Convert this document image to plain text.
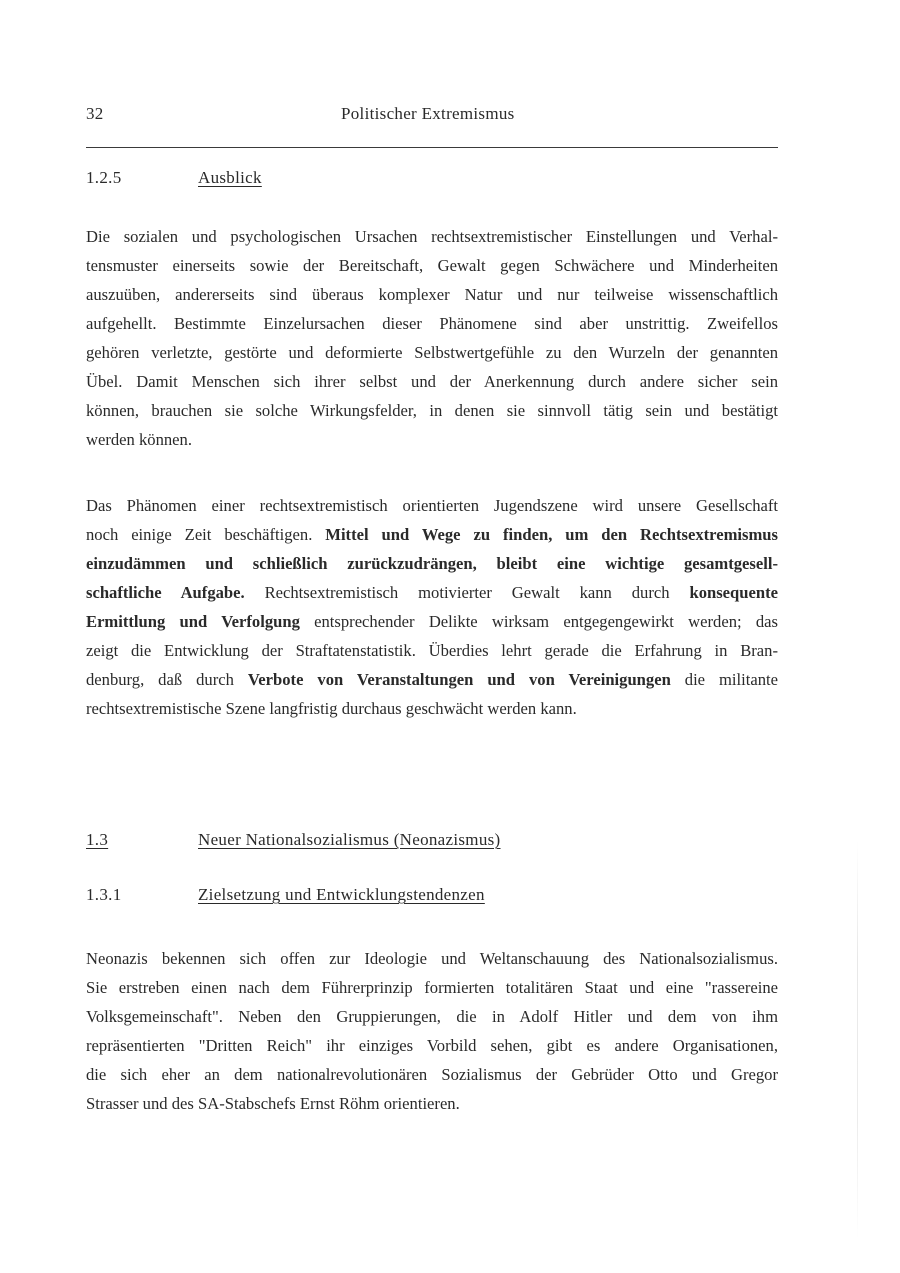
32	Politischer Extremismus
1.2.5	Ausblick
Die sozialen und psychologischen Ursachen rechtsextremistischer Einstellungen und Verhal-
tensmuster einerseits sowie der Bereitschaft, Gewalt gegen Schwächere und Minderheiten
auszuüben, andererseits sind überaus komplexer Natur und nur teilweise wissenschaftlich
aufgehellt. Bestimmte Einzelursachen dieser Phänomene sind aber unstrittig. Zweifellos
gehören verletzte, gestörte und deformierte Selbstwertgefühle zu den Wurzeln der genannten
Übel. Damit Menschen sich ihrer selbst und der Anerkennung durch andere sicher sein
können, brauchen sie solche Wirkungsfelder, in denen sie sinnvoll tätig sein und bestätigt
werden können.
Das Phänomen einer rechtsextremistisch orientierten Jugendszene wird unsere Gesellschaft
noch einige Zeit beschäftigen. Mittel und Wege zu finden, um den Rechtsextremismus
einzudämmen und schließlich zurückzudrängen, bleibt eine wichtige gesamtgesell-
schaftliche Aufgabe. Rechtsextremistisch motivierter Gewalt kann durch konsequente
Ermittlung und Verfolgung entsprechender Delikte wirksam entgegengewirkt werden; das
zeigt die Entwicklung der Straftatenstatistik. Überdies lehrt gerade die Erfahrung in Bran-
denburg, daß durch Verbote von Veranstaltungen und von Vereinigungen die militante
rechtsextremistische Szene langfristig durchaus geschwächt werden kann.
1.3	Neuer Nationalsozialismus (Neonazismus)
1.3.1	Zielsetzung und Entwicklungstendenzen
Neonazis bekennen sich offen zur Ideologie und Weltanschauung des Nationalsozialismus.
Sie erstreben einen nach dem Führerprinzip formierten totalitären Staat und eine "rassereine
Volksgemeinschaft". Neben den Gruppierungen, die in Adolf Hitler und dem von ihm
repräsentierten "Dritten Reich" ihr einziges Vorbild sehen, gibt es andere Organisationen,
die sich eher an dem nationalrevolutionären Sozialismus der Gebrüder Otto und Gregor
Strasser und des SA-Stabschefs Ernst Röhm orientieren.
